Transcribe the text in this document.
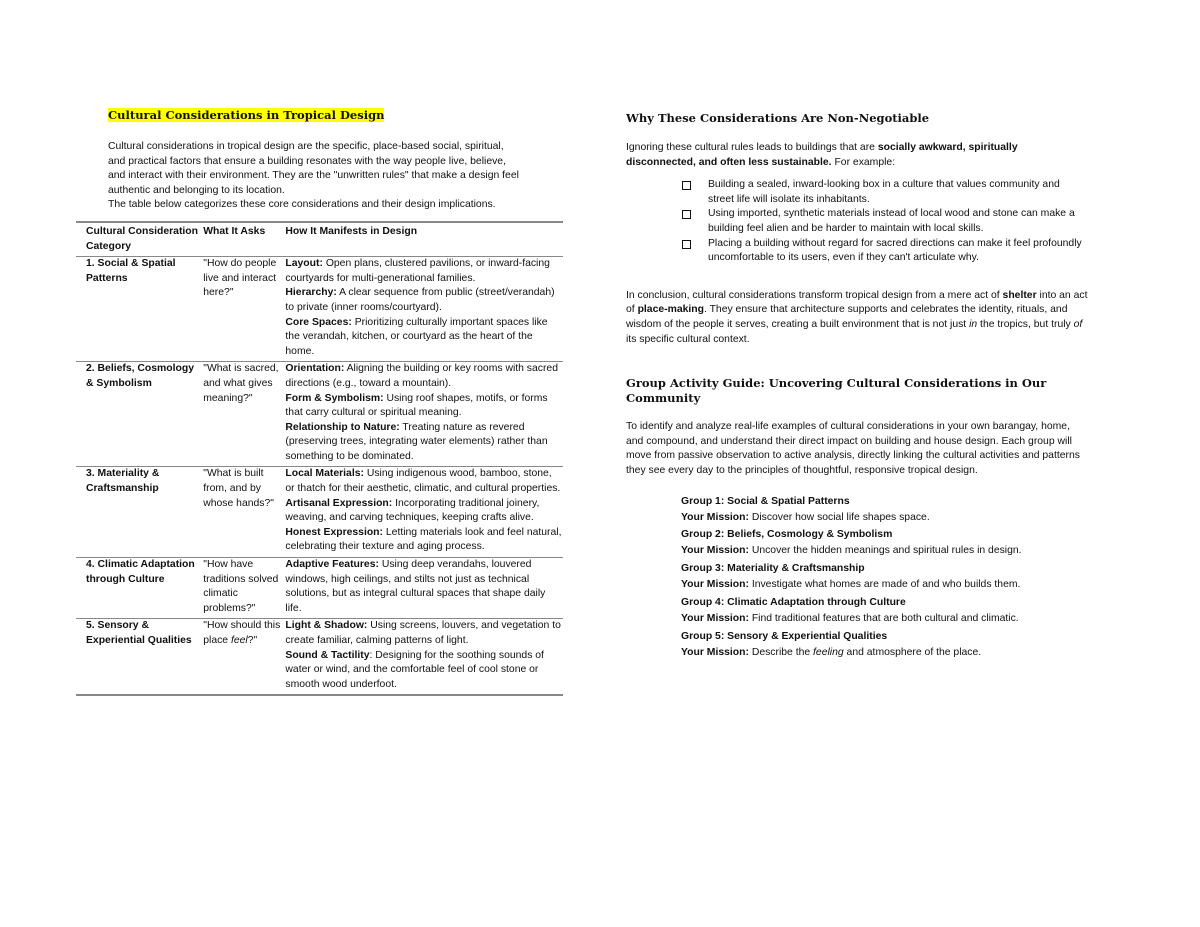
Cultural Considerations in Tropical Design

Cultural considerations in tropical design are the specific, place-based social, spiritual,

and practical factors that ensure a building resonates with the way people live, believe,

and interact with their environment. They are the "unwritten rules" that make a design feel

authentic and belonging to its location.

The table below categorizes these core considerations and their design implications.

Cultural Consideration Category	What It Asks	How It Manifests in Design
1. Social & Spatial Patterns	"How do people live and interact here?"	Layout: Open plans, clustered pavilions, or inward-facing courtyards for multi-generational families.
Hierarchy: A clear sequence from public (street/verandah) to private (inner rooms/courtyard).
Core Spaces: Prioritizing culturally important spaces like the verandah, kitchen, or courtyard as the heart of the home.

2. Beliefs, Cosmology & Symbolism	"What is sacred, and what gives meaning?"	Orientation: Aligning the building or key rooms with sacred directions (e.g., toward a mountain).
Form & Symbolism: Using roof shapes, motifs, or forms that carry cultural or spiritual meaning.
Relationship to Nature: Treating nature as revered (preserving trees, integrating water elements) rather than something to be dominated.

3. Materiality & Craftsmanship	"What is built from, and by whose hands?"	Local Materials: Using indigenous wood, bamboo, stone, or thatch for their aesthetic, climatic, and cultural properties.
Artisanal Expression: Incorporating traditional joinery, weaving, and carving techniques, keeping crafts alive.
Honest Expression: Letting materials look and feel natural, celebrating their texture and aging process.

4. Climatic Adaptation through Culture	"How have traditions solved climatic problems?"	Adaptive Features: Using deep verandahs, louvered windows, high ceilings, and stilts not just as technical solutions, but as integral cultural spaces that shape daily life.

5. Sensory & Experiential Qualities	"How should this place feel?"	Light & Shadow: Using screens, louvers, and vegetation to create familiar, calming patterns of light.
Sound & Tactility: Designing for the soothing sounds of water or wind, and the comfortable feel of cool stone or smooth wood underfoot.
Why These Considerations Are Non-Negotiable

Ignoring these cultural rules leads to buildings that are socially awkward, spiritually disconnected, and often less sustainable. For example:

Building a sealed, inward-looking box in a culture that values community and street life will isolate its inhabitants.
Using imported, synthetic materials instead of local wood and stone can make a building feel alien and be harder to maintain with local skills.
Placing a building without regard for sacred directions can make it feel profoundly uncomfortable to its users, even if they can't articulate why.

In conclusion, cultural considerations transform tropical design from a mere act of shelter into an act of place-making. They ensure that architecture supports and celebrates the identity, rituals, and wisdom of the people it serves, creating a built environment that is not just in the tropics, but truly of its specific cultural context.

Group Activity Guide: Uncovering Cultural Considerations in Our Community

To identify and analyze real-life examples of cultural considerations in your own barangay, home, and compound, and understand their direct impact on building and house design. Each group will move from passive observation to active analysis, directly linking the cultural activities and patterns they see every day to the principles of thoughtful, responsive tropical design.

Group 1: Social & Spatial Patterns
Your Mission: Discover how social life shapes space.
Group 2: Beliefs, Cosmology & Symbolism
Your Mission: Uncover the hidden meanings and spiritual rules in design.
Group 3: Materiality & Craftsmanship
Your Mission: Investigate what homes are made of and who builds them.
Group 4: Climatic Adaptation through Culture
Your Mission: Find traditional features that are both cultural and climatic.
Group 5: Sensory & Experiential Qualities
Your Mission: Describe the feeling and atmosphere of the place.
